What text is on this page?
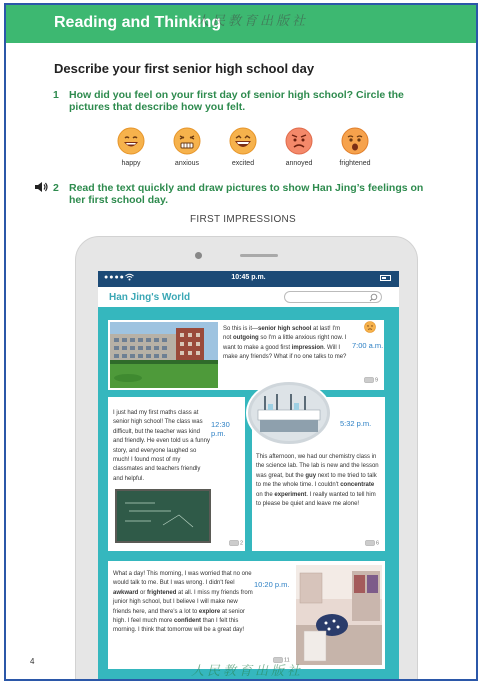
Reading and Thinking
人民教育出版社
Describe your first senior high school day
1 How did you feel on your first day of senior high school? Circle the pictures that describe how you felt.
happy	anxious	excited	annoyed	frightened
2 Read the text quickly and draw pictures to show Han Jing’s feelings on her first school day.
FIRST IMPRESSIONS
●●●●	10:45 p.m.
Han Jing's World
So this is it—senior high school at last! I'm not outgoing so I'm a little anxious right now. I want to make a good first impression. Will I make any friends? What if no one talks to me?
7:00 a.m.
9
12:30 p.m.
I just had my first maths class at senior high school! The class was difficult, but the teacher was kind and friendly. He even told us a funny story, and everyone laughed so much! I found most of my classmates and teachers friendly and helpful.
2
5:32 p.m.
This afternoon, we had our chemistry class in the science lab. The lab is new and the lesson was great, but the guy next to me tried to talk to me the whole time. I couldn't concentrate on the experiment. I really wanted to tell him to please be quiet and leave me alone!
6
What a day! This morning, I was worried that no one would talk to me. But I was wrong. I didn't feel awkward or frightened at all. I miss my friends from junior high school, but I believe I will make new friends here, and there's a lot to explore at senior high. I feel much more confident than I felt this morning. I think that tomorrow will be a great day!
10:20 p.m.
11
4
人民教育出版社
